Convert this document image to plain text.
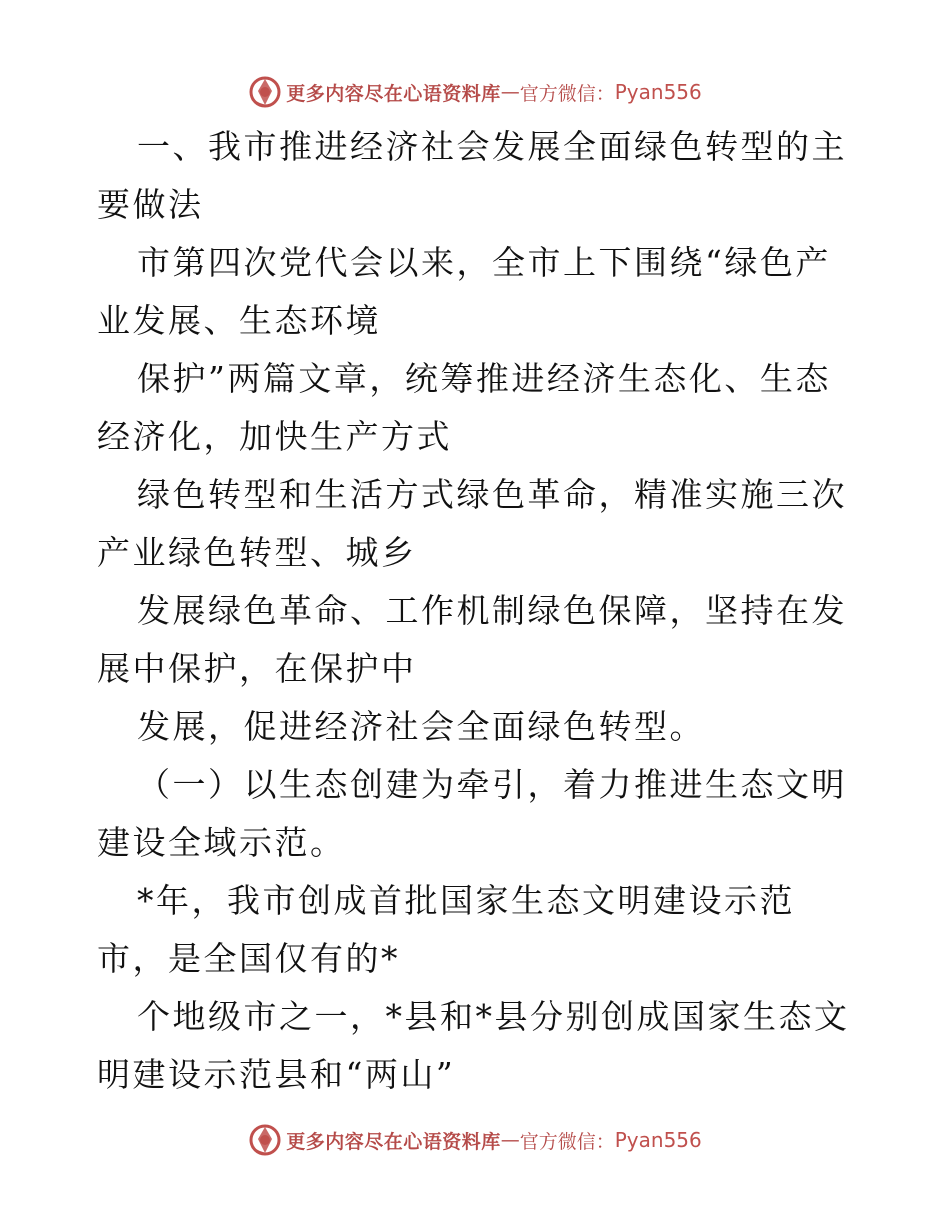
更多内容尽在心语资料库 — 官方微信： Pyan556

一、我市推进经济社会发展全面绿色转型的主要做法

市第四次党代会以来，全市上下围绕“绿色产业发展、生态环境

保护”两篇文章，统筹推进经济生态化、生态经济化，加快生产方式

绿色转型和生活方式绿色革命，精准实施三次产业绿色转型、城乡

发展绿色革命、工作机制绿色保障，坚持在发展中保护，在保护中

发展，促进经济社会全面绿色转型。

（一）以生态创建为牵引，着力推进生态文明建设全域示范。

*年，我市创成首批国家生态文明建设示范市，是全国仅有的*

个地级市之一，*县和*县分别创成国家生态文明建设示范县和“两山”

更多内容尽在心语资料库 — 官方微信： Pyan556
